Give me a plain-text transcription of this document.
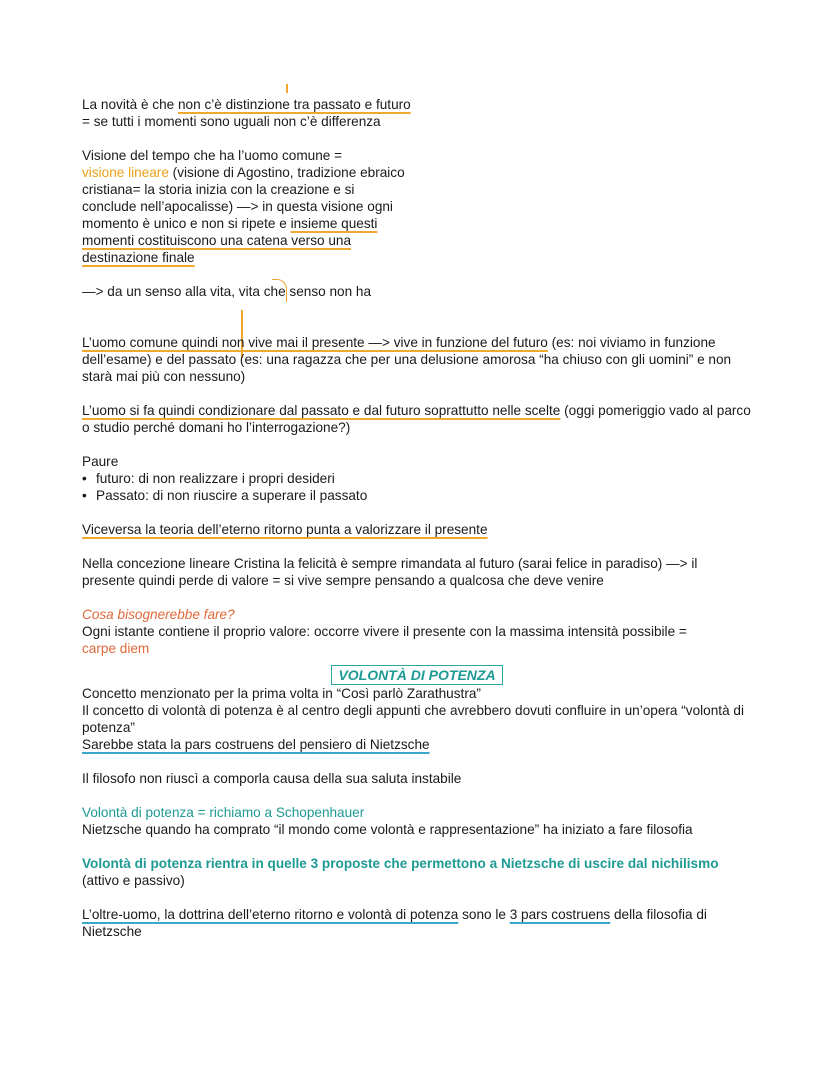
La novità è che non c’è distinzione tra passato e futuro = se tutti i momenti sono uguali non c’è differenza

Visione del tempo che ha l’uomo comune =
visione lineare (visione di Agostino, tradizione ebraico cristiana= la storia inizia con la creazione e si conclude nell’apocalisse) —> in questa visione ogni momento è unico e non si ripete e insieme questi momenti costituiscono una catena verso una destinazione finale

—> da un senso alla vita, vita che senso non ha

L’uomo comune quindi non vive mai il presente —> vive in funzione del futuro (es: noi viviamo in funzione dell’esame) e del passato (es: una ragazza che per una delusione amorosa “ha chiuso con gli uomini” e non starà mai più con nessuno)

L’uomo si fa quindi condizionare dal passato e dal futuro soprattutto nelle scelte (oggi pomeriggio vado al parco o studio perché domani ho l’interrogazione?)

Paure

• futuro: di non realizzare i propri desideri
• Passato: di non riuscire a superare il passato

Viceversa la teoria dell’eterno ritorno punta a valorizzare il presente

Nella concezione lineare Cristina la felicità è sempre rimandata al futuro (sarai felice in paradiso) —> il presente quindi perde di valore = si vive sempre pensando a qualcosa che deve venire

Cosa bisognerebbe fare?

Ogni istante contiene il proprio valore: occorre vivere il presente con la massima intensità possibile =
carpe diem

VOLONTÀ DI POTENZA

Concetto menzionato per la prima volta in “Così parlò Zarathustra”

Il concetto di volontà di potenza è al centro degli appunti che avrebbero dovuti confluire in un’opera “volontà di potenza”

Sarebbe stata la pars costruens del pensiero di Nietzsche

Il filosofo non riuscì a comporla causa della sua saluta instabile

Volontà di potenza = richiamo a Schopenhauer

Nietzsche quando ha comprato “il mondo come volontà e rappresentazione” ha iniziato a fare filosofia

Volontà di potenza rientra in quelle 3 proposte che permettono a Nietzsche di uscire dal nichilismo (attivo e passivo)

L’oltre-uomo, la dottrina dell’eterno ritorno e volontà di potenza sono le 3 pars costruens della filosofia di Nietzsche
